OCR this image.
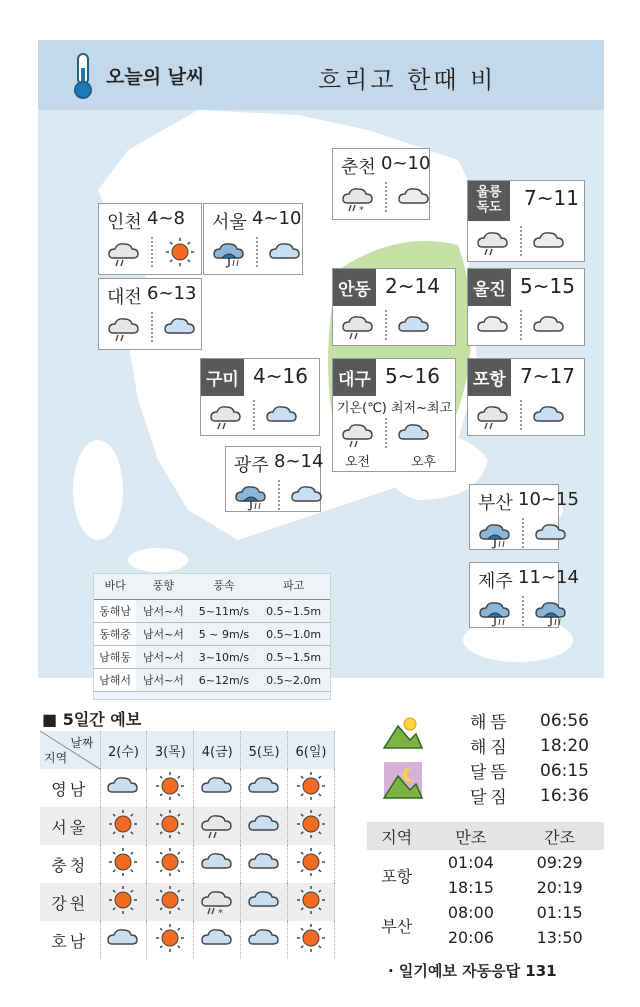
오늘의 날씨	흐리고 한때 비
인천 4~8 서울 4~10
대전 6~13
춘천 0~10
*
울릉
독도	7~11
안동 2~14 울진 5~15
구미 4~16 대구 5~16
기온(℃) 최저~최고
오전	오후
포항 7~17
광주 8~14
부산 10~15
제주 11~14
바다	풍향	풍속	파고
동해남	남서~서	5~11m/s	0.5~1.5m
동해중	남서~서	5 ~ 9m/s	0.5~1.0m
남해동	남서~서	3~10m/s	0.5~1.5m
남해서	남서~서	6~12m/s	0.5~2.0m
■ 5일간 예보
날짜
지역	2(수)	3(목)	4(금)	5(토)	6(일)
영남					
서울					
충청					
강원			*

호남					
해뜸	06:56
해짐	18:20
달뜸	06:15
달짐	16:36
지역	만조	간조
포항	01:04	09:29
	18:15	20:19
부산	08:00	01:15
	20:06	13:50
· 일기예보 자동응답 131
